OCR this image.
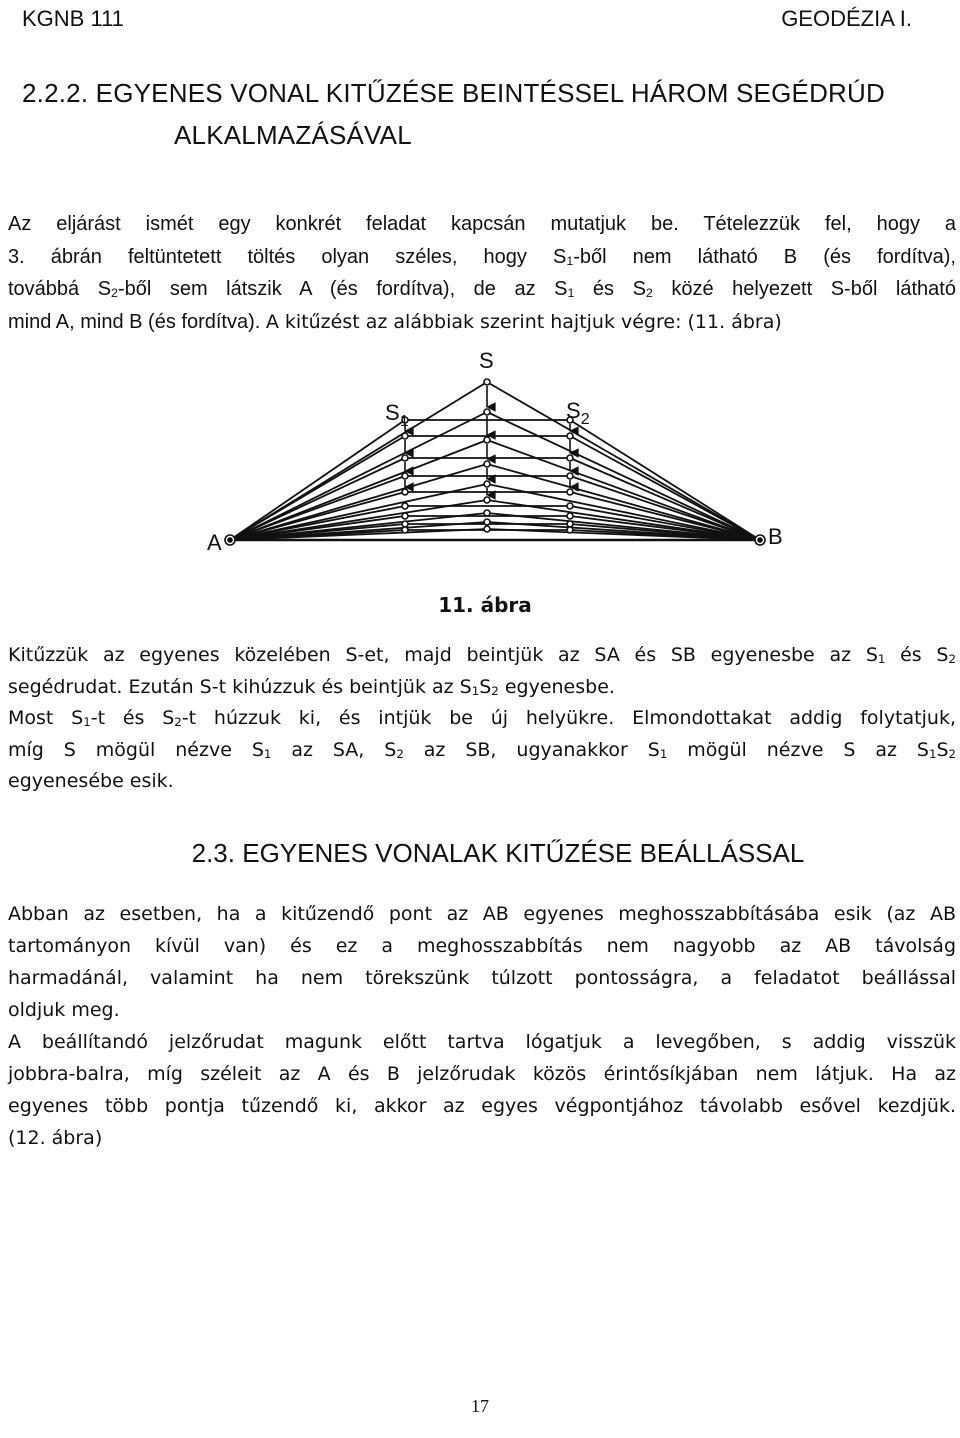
KGNB 111	GEODÉZIA I.
2.2.2. EGYENES VONAL KITŰZÉSE BEINTÉSSEL HÁROM SEGÉDRÚD
ALKALMAZÁSÁVAL

Az eljárást ismét egy konkrét feladat kapcsán mutatjuk be. Tételezzük fel, hogy a

3. ábrán feltüntetett töltés olyan széles, hogy $S_1$-ből nem látható B (és fordítva),

továbbá $S_2$-ből sem látszik A (és fordítva), de az $S_1$ és $S_2$ közé helyezett S-ből látható

mind A, mind B (és fordítva). A kitűzést az alábbiak szerint hajtjuk végre: (11. ábra)

S
$S_1$	$S_2$
A	B
11. ábra

Kitűzzük az egyenes közelében S-et, majd beintjük az SA és SB egyenesbe az $S_1$ és $S_2$

segédrudat. Ezután S-t kihúzzuk és beintjük az $S_1S_2$ egyenesbe.

Most $S_1-t$ és $S_2-t$ húzzuk ki, és intjük be új helyükre. Elmondottakat addig folytatjuk,

míg S mögül nézve $S_1$ az SA, $S_2$ az SB, ugyanakkor $S_1$ mögül nézve S az $S_1S_2$

egyenesébe esik.

2.3. EGYENES VONALAK KITŰZÉSE BEÁLLÁSSAL

Abban az esetben, ha a kitűzendő pont az AB egyenes meghosszabbításába esik (az AB

tartományon kívül van) és ez a meghosszabbítás nem nagyobb az AB távolság

harmadánál, valamint ha nem törekszünk túlzott pontosságra, a feladatot beállással

oldjuk meg.

A beállítandó jelzőrudat magunk előtt tartva lógatjuk a levegőben, s addig visszük

jobbra-balra, míg széleit az A és B jelzőrudak közös érintősíkjában nem látjuk. Ha az

egyenes több pontja tűzendő ki, akkor az egyes végpontjához távolabb esővel kezdjük.

(12. ábra)

17
